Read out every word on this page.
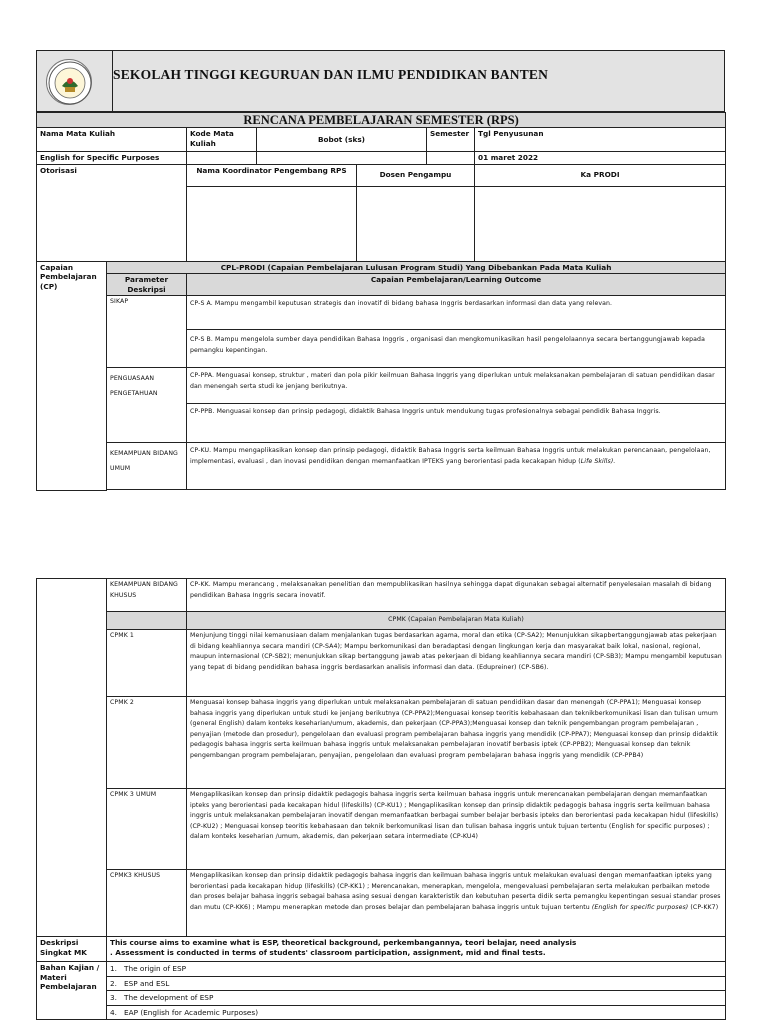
SEKOLAH TINGGI KEGURUAN DAN ILMU PENDIDIKAN BANTEN
RENCANA PEMBELAJARAN SEMESTER (RPS)						

Nama Mata Kuliah		Kode Mata Kuliah	Bobot (sks)		Semester	Tgl Penyusunan
English for Specific Purposes						01 maret 2022
Otorisasi		Nama Koordinator Pengembang RPS		Dosen Pengampu		Ka PRODI

Capaian Pembelajaran (CP)	CPL-PRODI (Capaian Pembelajaran Lulusan Program Studi) Yang Dibebankan Pada Mata Kuliah					
	Parameter Deskripsi	Capaian Pembelajaran/Learning Outcome				
	SIKAP	CP-S A. Mampu mengambil keputusan strategis dan inovatif di bidang bahasa Inggris berdasarkan informasi dan data yang relevan.				
		CP-S B. Mampu mengelola sumber daya pendidikan Bahasa Inggris , organisasi dan mengkomunikasikan hasil pengelolaannya secara bertanggungjawab kepada pemangku kepentingan.				
	PENGUASAAN PENGETAHUAN	CP-PPA. Menguasai konsep, struktur , materi dan pola pikir keilmuan Bahasa Inggris yang diperlukan untuk melaksanakan pembelajaran di satuan pendidikan dasar dan menengah serta studi ke jenjang berikutnya.				
		CP-PPB. Menguasai konsep dan prinsip pedagogi, didaktik Bahasa Inggris untuk mendukung tugas profesionalnya sebagai pendidik Bahasa Inggris.				
	KEMAMPUAN BIDANG UMUM	CP-KU. Mampu mengaplikasikan konsep dan prinsip pedagogi, didaktik Bahasa Inggris serta keilmuan Bahasa Inggris untuk melakukan perencanaan, pengelolaan, implementasi, evaluasi , dan inovasi pendidikan dengan memanfaatkan IPTEKS yang berorientasi pada kecakapan hidup (Life Skills).				

	KEMAMPUAN BIDANG KHUSUS	CP-KK. Mampu merancang , melaksanakan penelitian dan mempublikasikan hasilnya sehingga dapat digunakan sebagai alternatif penyelesaian masalah di bidang pendidikan Bahasa Inggris secara inovatif.
		CPMK (Capaian Pembelajaran Mata Kuliah)
	CPMK 1	Menjunjung tinggi nilai kemanusiaan dalam menjalankan tugas berdasarkan agama, moral dan etika (CP-SA2); Menunjukkan sikapbertanggungjawab atas pekerjaan di bidang keahliannya secara mandiri (CP-SA4); Mampu berkomunikasi dan beradaptasi dengan lingkungan kerja dan masyarakat baik lokal, nasional, regional, maupun internasional (CP-SB2); menunjukkan sikap bertanggung jawab atas pekerjaan di bidang keahliannya secara mandiri (CP-SB3); Mampu mengambil keputusan yang tepat di bidang pendidikan bahasa inggris berdasarkan analisis informasi dan data. (Edupreiner) (CP-SB6).
	CPMK 2	Menguasai konsep bahasa inggris yang diperlukan untuk melaksanakan pembelajaran di satuan pendidikan dasar dan menengah (CP-PPA1); Menguasai konsep bahasa inggris yang diperlukan untuk studi ke jenjang berikutnya (CP-PPA2);Menguasai konsep teoritis kebahasaan dan teknikberkomunikasi lisan dan tulisan umum (general English) dalam konteks keseharian/umum, akademis, dan pekerjaan (CP-PPA3);Menguasai konsep dan teknik pengembangan program pembelajaran , penyajian (metode dan prosedur), pengelolaan dan evaluasi program pembelajaran bahasa inggris yang mendidik (CP-PPA7); Menguasai konsep dan prinsip didaktik pedagogis bahasa inggris serta keilmuan bahasa inggris untuk melaksanakan pembelajaran inovatif berbasis iptek (CP-PPB2); Menguasai konsep dan teknik pengembangan program pembelajaran, penyajian, pengelolaan dan evaluasi program pembelajaran bahasa inggris yang mendidik (CP-PPB4)
	CPMK 3 UMUM	Mengaplikasikan konsep dan prinsip didaktik pedagogis bahasa inggris serta keilmuan bahasa inggris untuk merencanakan pembelajaran dengan memanfaatkan ipteks yang berorientasi pada kecakapan hidul (lifeskills) (CP-KU1) ; Mengaplikasikan konsep dan prinsip didaktik pedagogis bahasa inggris serta keilmuan bahasa inggris untuk melaksanakan pembelajaran inovatif dengan memanfaatkan berbagai sumber belajar berbasis ipteks dan berorientasi pada kecakapan hidul (lifeskills) (CP-KU2) ; Menguasai konsep teoritis kebahasaan dan teknik berkomunikasi lisan dan tulisan bahasa inggris untuk tujuan tertentu (English for specific purposes) ; dalam konteks keseharian /umum, akademis, dan pekerjaan setara intermediate (CP-KU4)
	CPMK3 KHUSUS	Mengaplikasikan konsep dan prinsip didaktik pedagogis bahasa inggris dan keilmuan bahasa inggris untuk melakukan evaluasi dengan memanfaatkan ipteks yang berorientasi pada kecakapan hidup (lifeskills) (CP-KK1) ; Merencanakan, menerapkan, mengelola, mengevaluasi pembelajaran serta melakukan perbaikan metode dan proses belajar bahasa inggris sebagai bahasa asing sesuai dengan karakteristik dan kebutuhan peserta didik serta pemangku kepentingan sesuai standar proses dan mutu (CP-KK6) ; Mampu menerapkan metode dan proses belajar dan pembelajaran bahasa inggris untuk tujuan tertentu (English for specific purposes) (CP-KK7)
Deskripsi Singkat MK	This course aims to examine what is ESP, theoretical background, perkembangannya, teori belajar, need analysis
. Assessment is conducted in terms of students' classroom participation, assignment, mid and final tests.	

Bahan Kajian / Materi Pembelajaran	1. The origin of ESP
2. ESP and ESL
3. The development of ESP
4. EAP (English for Academic Purposes)	
